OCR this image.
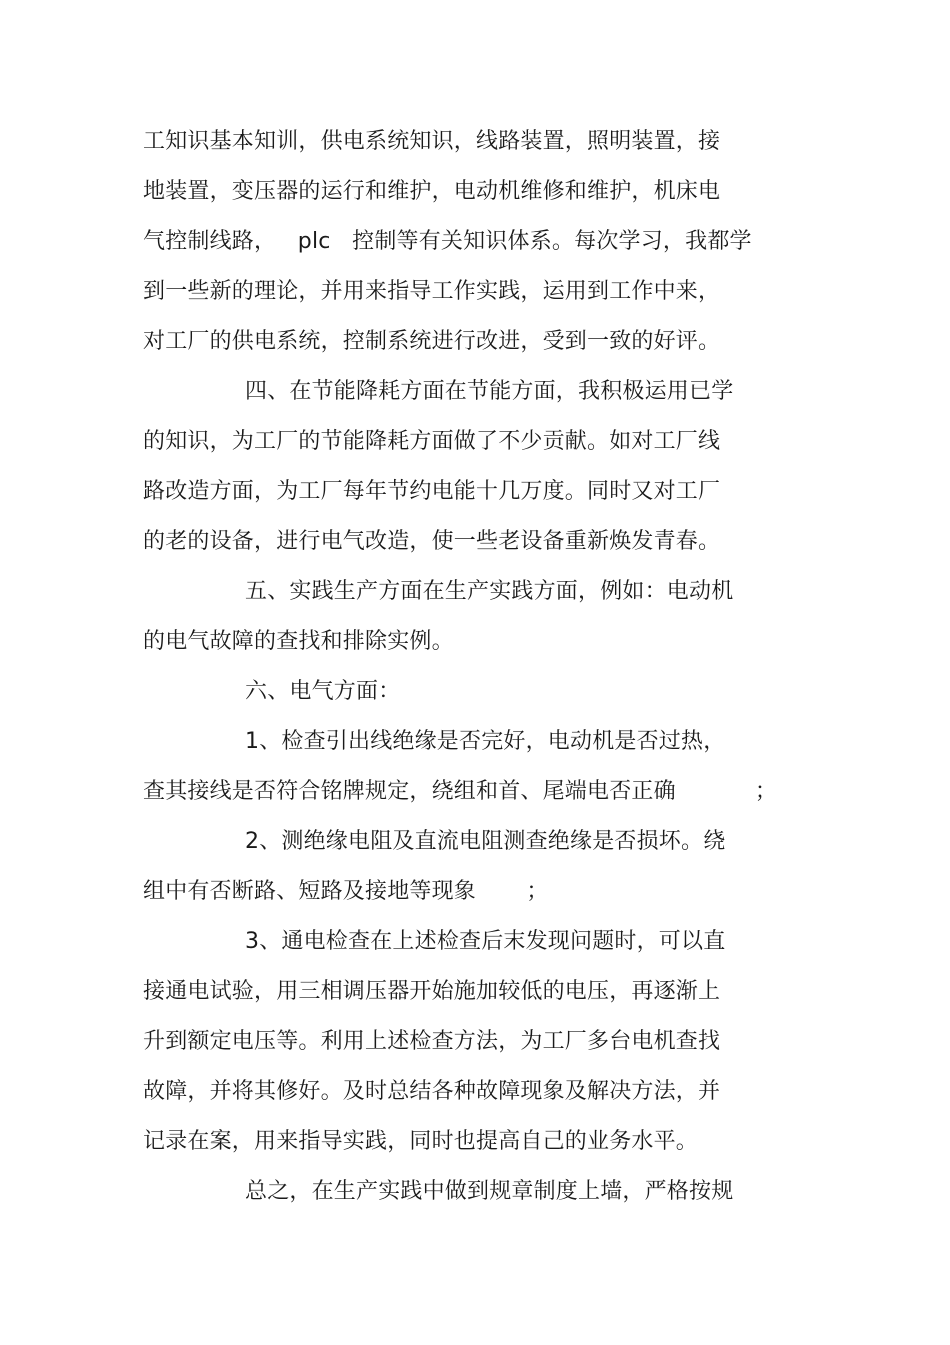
工知识基本知训，供电系统知识，线路装置，照明装置，接
地装置，变压器的运行和维护，电动机维修和维护，机床电
气控制线路，   plc   控制等有关知识体系。每次学习，我都学
到一些新的理论，并用来指导工作实践，运用到工作中来，
对工厂的供电系统，控制系统进行改进，受到一致的好评。
四、在节能降耗方面在节能方面，我积极运用已学
的知识，为工厂的节能降耗方面做了不少贡献。如对工厂线
路改造方面，为工厂每年节约电能十几万度。同时又对工厂
的老的设备，进行电气改造，使一些老设备重新焕发青春。
五、实践生产方面在生产实践方面，例如：电动机
的电气故障的查找和排除实例。
六、电气方面：
1、检查引出线绝缘是否完好，电动机是否过热，
查其接线是否符合铭牌规定，绕组和首、尾端电否正确           ；
2、测绝缘电阻及直流电阻测查绝缘是否损坏。绕
组中有否断路、短路及接地等现象       ；
3、通电检查在上述检查后末发现问题时，可以直
接通电试验，用三相调压器开始施加较低的电压，再逐渐上
升到额定电压等。利用上述检查方法，为工厂多台电机查找
故障，并将其修好。及时总结各种故障现象及解决方法，并
记录在案，用来指导实践，同时也提高自己的业务水平。
总之，在生产实践中做到规章制度上墙，严格按规
